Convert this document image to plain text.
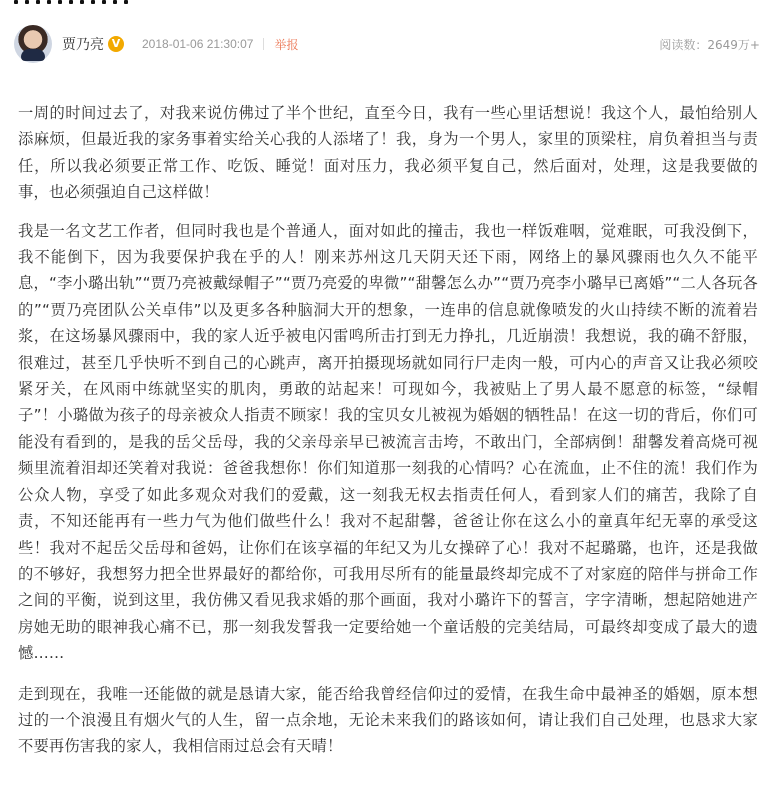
贾乃亮 V	2018-01-06 21:30:07 举报	阅读数：2649万+

一周的时间过去了，对我来说仿佛过了半个世纪，直至今日，我有一些心里话想说！我这个人，最怕给别人添麻烦，但最近我的家务事着实给关心我的人添堵了！我，身为一个男人，家里的顶梁柱，肩负着担当与责任，所以我必须要正常工作、吃饭、睡觉！面对压力，我必须平复自己，然后面对，处理，这是我要做的事，也必须强迫自己这样做！

我是一名文艺工作者，但同时我也是个普通人，面对如此的撞击，我也一样饭难咽，觉难眠，可我没倒下，我不能倒下，因为我要保护我在乎的人！刚来苏州这几天阴天还下雨，网络上的暴风骤雨也久久不能平息，“李小璐出轨”“贾乃亮被戴绿帽子”“贾乃亮爱的卑微”“甜馨怎么办”“贾乃亮李小璐早已离婚”“二人各玩各的”“贾乃亮团队公关卓伟”以及更多各种脑洞大开的想象，一连串的信息就像喷发的火山持续不断的流着岩浆，在这场暴风骤雨中，我的家人近乎被电闪雷鸣所击打到无力挣扎，几近崩溃！我想说，我的确不舒服，很难过，甚至几乎快听不到自己的心跳声，离开拍摄现场就如同行尸走肉一般，可内心的声音又让我必须咬紧牙关，在风雨中练就坚实的肌肉，勇敢的站起来！可现如今，我被贴上了男人最不愿意的标签，“绿帽子”！小璐做为孩子的母亲被众人指责不顾家！我的宝贝女儿被视为婚姻的牺牲品！在这一切的背后，你们可能没有看到的，是我的岳父岳母，我的父亲母亲早已被流言击垮，不敢出门，全部病倒！甜馨发着高烧可视频里流着泪却还笑着对我说：爸爸我想你！你们知道那一刻我的心情吗？心在流血，止不住的流！我们作为公众人物，享受了如此多观众对我们的爱戴，这一刻我无权去指责任何人，看到家人们的痛苦，我除了自责，不知还能再有一些力气为他们做些什么！我对不起甜馨，爸爸让你在这么小的童真年纪无辜的承受这些！我对不起岳父岳母和爸妈，让你们在该享福的年纪又为儿女操碎了心！我对不起璐璐，也许，还是我做的不够好，我想努力把全世界最好的都给你，可我用尽所有的能量最终却完成不了对家庭的陪伴与拼命工作之间的平衡，说到这里，我仿佛又看见我求婚的那个画面，我对小璐许下的誓言，字字清晰，想起陪她进产房她无助的眼神我心痛不已，那一刻我发誓我一定要给她一个童话般的完美结局，可最终却变成了最大的遗憾……

走到现在，我唯一还能做的就是恳请大家，能否给我曾经信仰过的爱情，在我生命中最神圣的婚姻，原本想过的一个浪漫且有烟火气的人生，留一点余地，无论未来我们的路该如何，请让我们自己处理，也恳求大家不要再伤害我的家人，我相信雨过总会有天晴！
